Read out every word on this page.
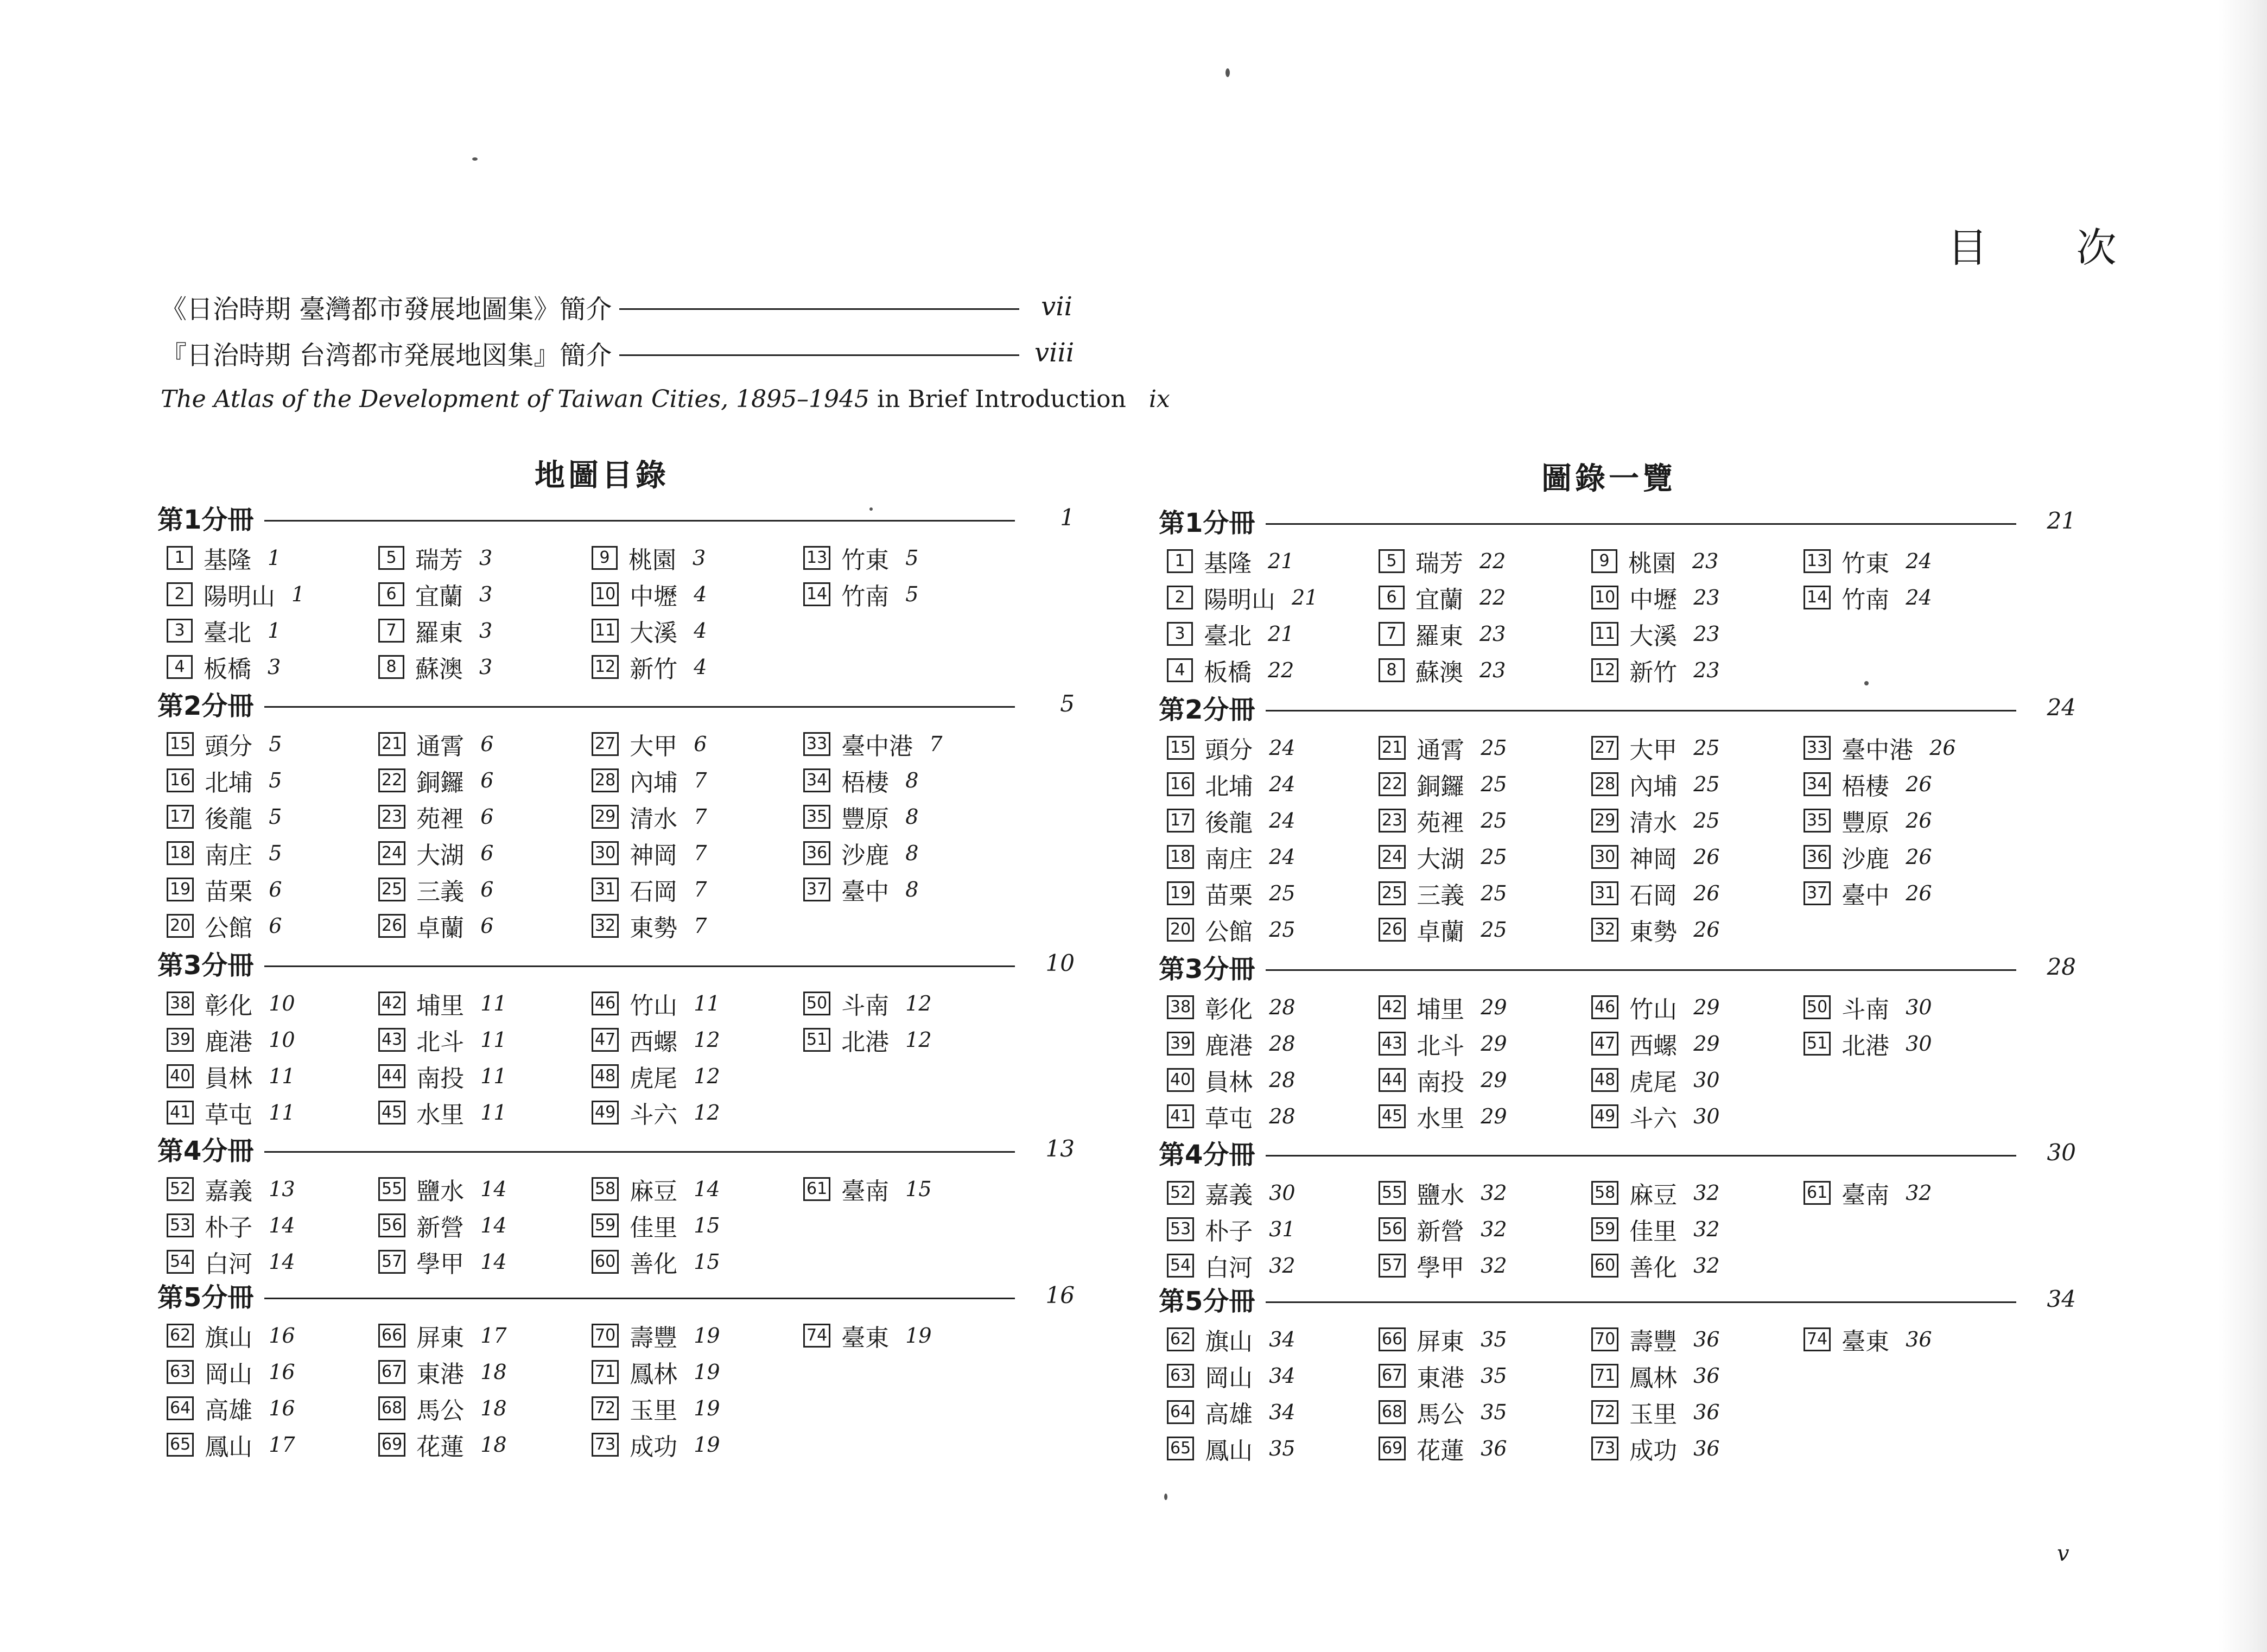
目 次
《日治時期 臺灣都市發展地圖集》簡介	vii
『日治時期 台湾都市発展地図集』簡介	viii
The Atlas of the Development of Taiwan Cities, 1895–1945 in Brief Introduction ix
地圖目錄
第1分冊	1
1 基隆 1
2 陽明山 1
3 臺北 1
4 板橋 3
5 瑞芳 3
6 宜蘭 3
7 羅東 3
8 蘇澳 3
9 桃園 3
10 中壢 4
11 大溪 4
12 新竹 4
13 竹東 5
14 竹南 5
第2分冊	5
15 頭分 5
16 北埔 5
17 後龍 5
18 南庄 5
19 苗栗 6
20 公館 6
21 通霄 6
22 銅鑼 6
23 苑裡 6
24 大湖 6
25 三義 6
26 卓蘭 6
27 大甲 6
28 內埔 7
29 清水 7
30 神岡 7
31 石岡 7
32 東勢 7
33 臺中港 7
34 梧棲 8
35 豐原 8
36 沙鹿 8
37 臺中 8
第3分冊	10
38 彰化 10
39 鹿港 10
40 員林 11
41 草屯 11
42 埔里 11
43 北斗 11
44 南投 11
45 水里 11
46 竹山 11
47 西螺 12
48 虎尾 12
49 斗六 12
50 斗南 12
51 北港 12
第4分冊	13
52 嘉義 13
53 朴子 14
54 白河 14
55 鹽水 14
56 新營 14
57 學甲 14
58 麻豆 14
59 佳里 15
60 善化 15
61 臺南 15
第5分冊	16
62 旗山 16
63 岡山 16
64 高雄 16
65 鳳山 17
66 屏東 17
67 東港 18
68 馬公 18
69 花蓮 18
70 壽豐 19
71 鳳林 19
72 玉里 19
73 成功 19
74 臺東 19
圖錄一覽
第1分冊	21
1 基隆 21
2 陽明山 21
3 臺北 21
4 板橋 22
5 瑞芳 22
6 宜蘭 22
7 羅東 23
8 蘇澳 23
9 桃園 23
10 中壢 23
11 大溪 23
12 新竹 23
13 竹東 24
14 竹南 24
第2分冊	24
15 頭分 24
16 北埔 24
17 後龍 24
18 南庄 24
19 苗栗 25
20 公館 25
21 通霄 25
22 銅鑼 25
23 苑裡 25
24 大湖 25
25 三義 25
26 卓蘭 25
27 大甲 25
28 內埔 25
29 清水 25
30 神岡 26
31 石岡 26
32 東勢 26
33 臺中港 26
34 梧棲 26
35 豐原 26
36 沙鹿 26
37 臺中 26
第3分冊	28
38 彰化 28
39 鹿港 28
40 員林 28
41 草屯 28
42 埔里 29
43 北斗 29
44 南投 29
45 水里 29
46 竹山 29
47 西螺 29
48 虎尾 30
49 斗六 30
50 斗南 30
51 北港 30
第4分冊	30
52 嘉義 30
53 朴子 31
54 白河 32
55 鹽水 32
56 新營 32
57 學甲 32
58 麻豆 32
59 佳里 32
60 善化 32
61 臺南 32
第5分冊	34
62 旗山 34
63 岡山 34
64 高雄 34
65 鳳山 35
66 屏東 35
67 東港 35
68 馬公 35
69 花蓮 36
70 壽豐 36
71 鳳林 36
72 玉里 36
73 成功 36
74 臺東 36
v
